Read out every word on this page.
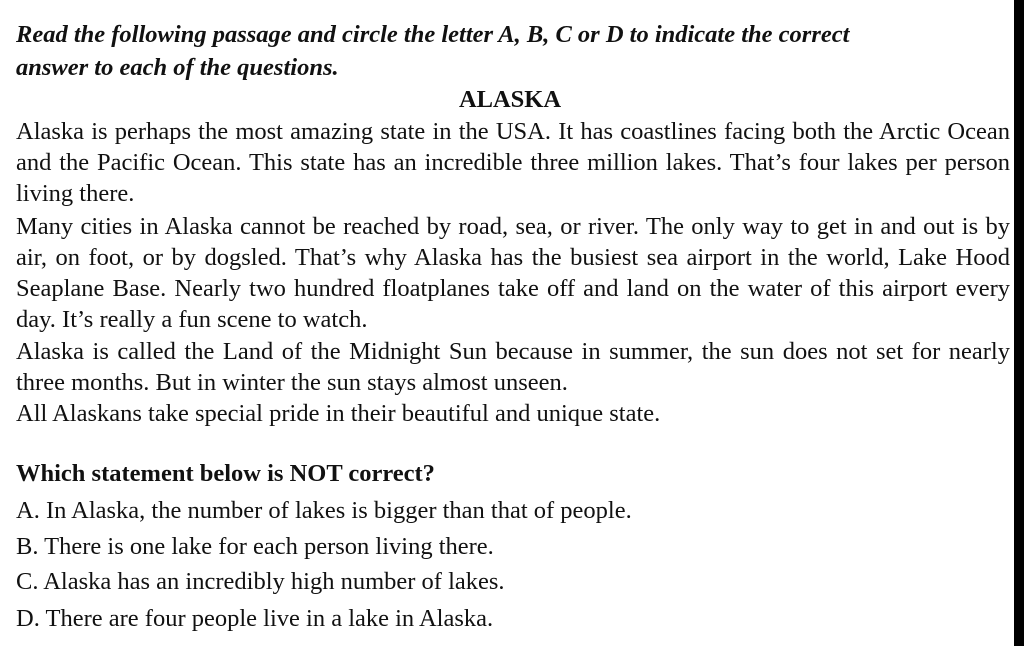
Read the following passage and circle the letter A, B, C or D to indicate the correct
answer to each of the questions.
ALASKA

Alaska is perhaps the most amazing state in the USA. It has coastlines facing both the Arctic Ocean and the Pacific Ocean. This state has an incredible three million lakes. That’s four lakes per person living there.

Many cities in Alaska cannot be reached by road, sea, or river. The only way to get in and out is by air, on foot, or by dogsled. That’s why Alaska has the busiest sea airport in the world, Lake Hood Seaplane Base. Nearly two hundred floatplanes take off and land on the water of this airport every day. It’s really a fun scene to watch.

Alaska is called the Land of the Midnight Sun because in summer, the sun does not set for nearly three months. But in winter the sun stays almost unseen.

All Alaskans take special pride in their beautiful and unique state.

Which statement below is NOT correct?
A. In Alaska, the number of lakes is bigger than that of people.
B. There is one lake for each person living there.
C. Alaska has an incredibly high number of lakes.
D. There are four people live in a lake in Alaska.
